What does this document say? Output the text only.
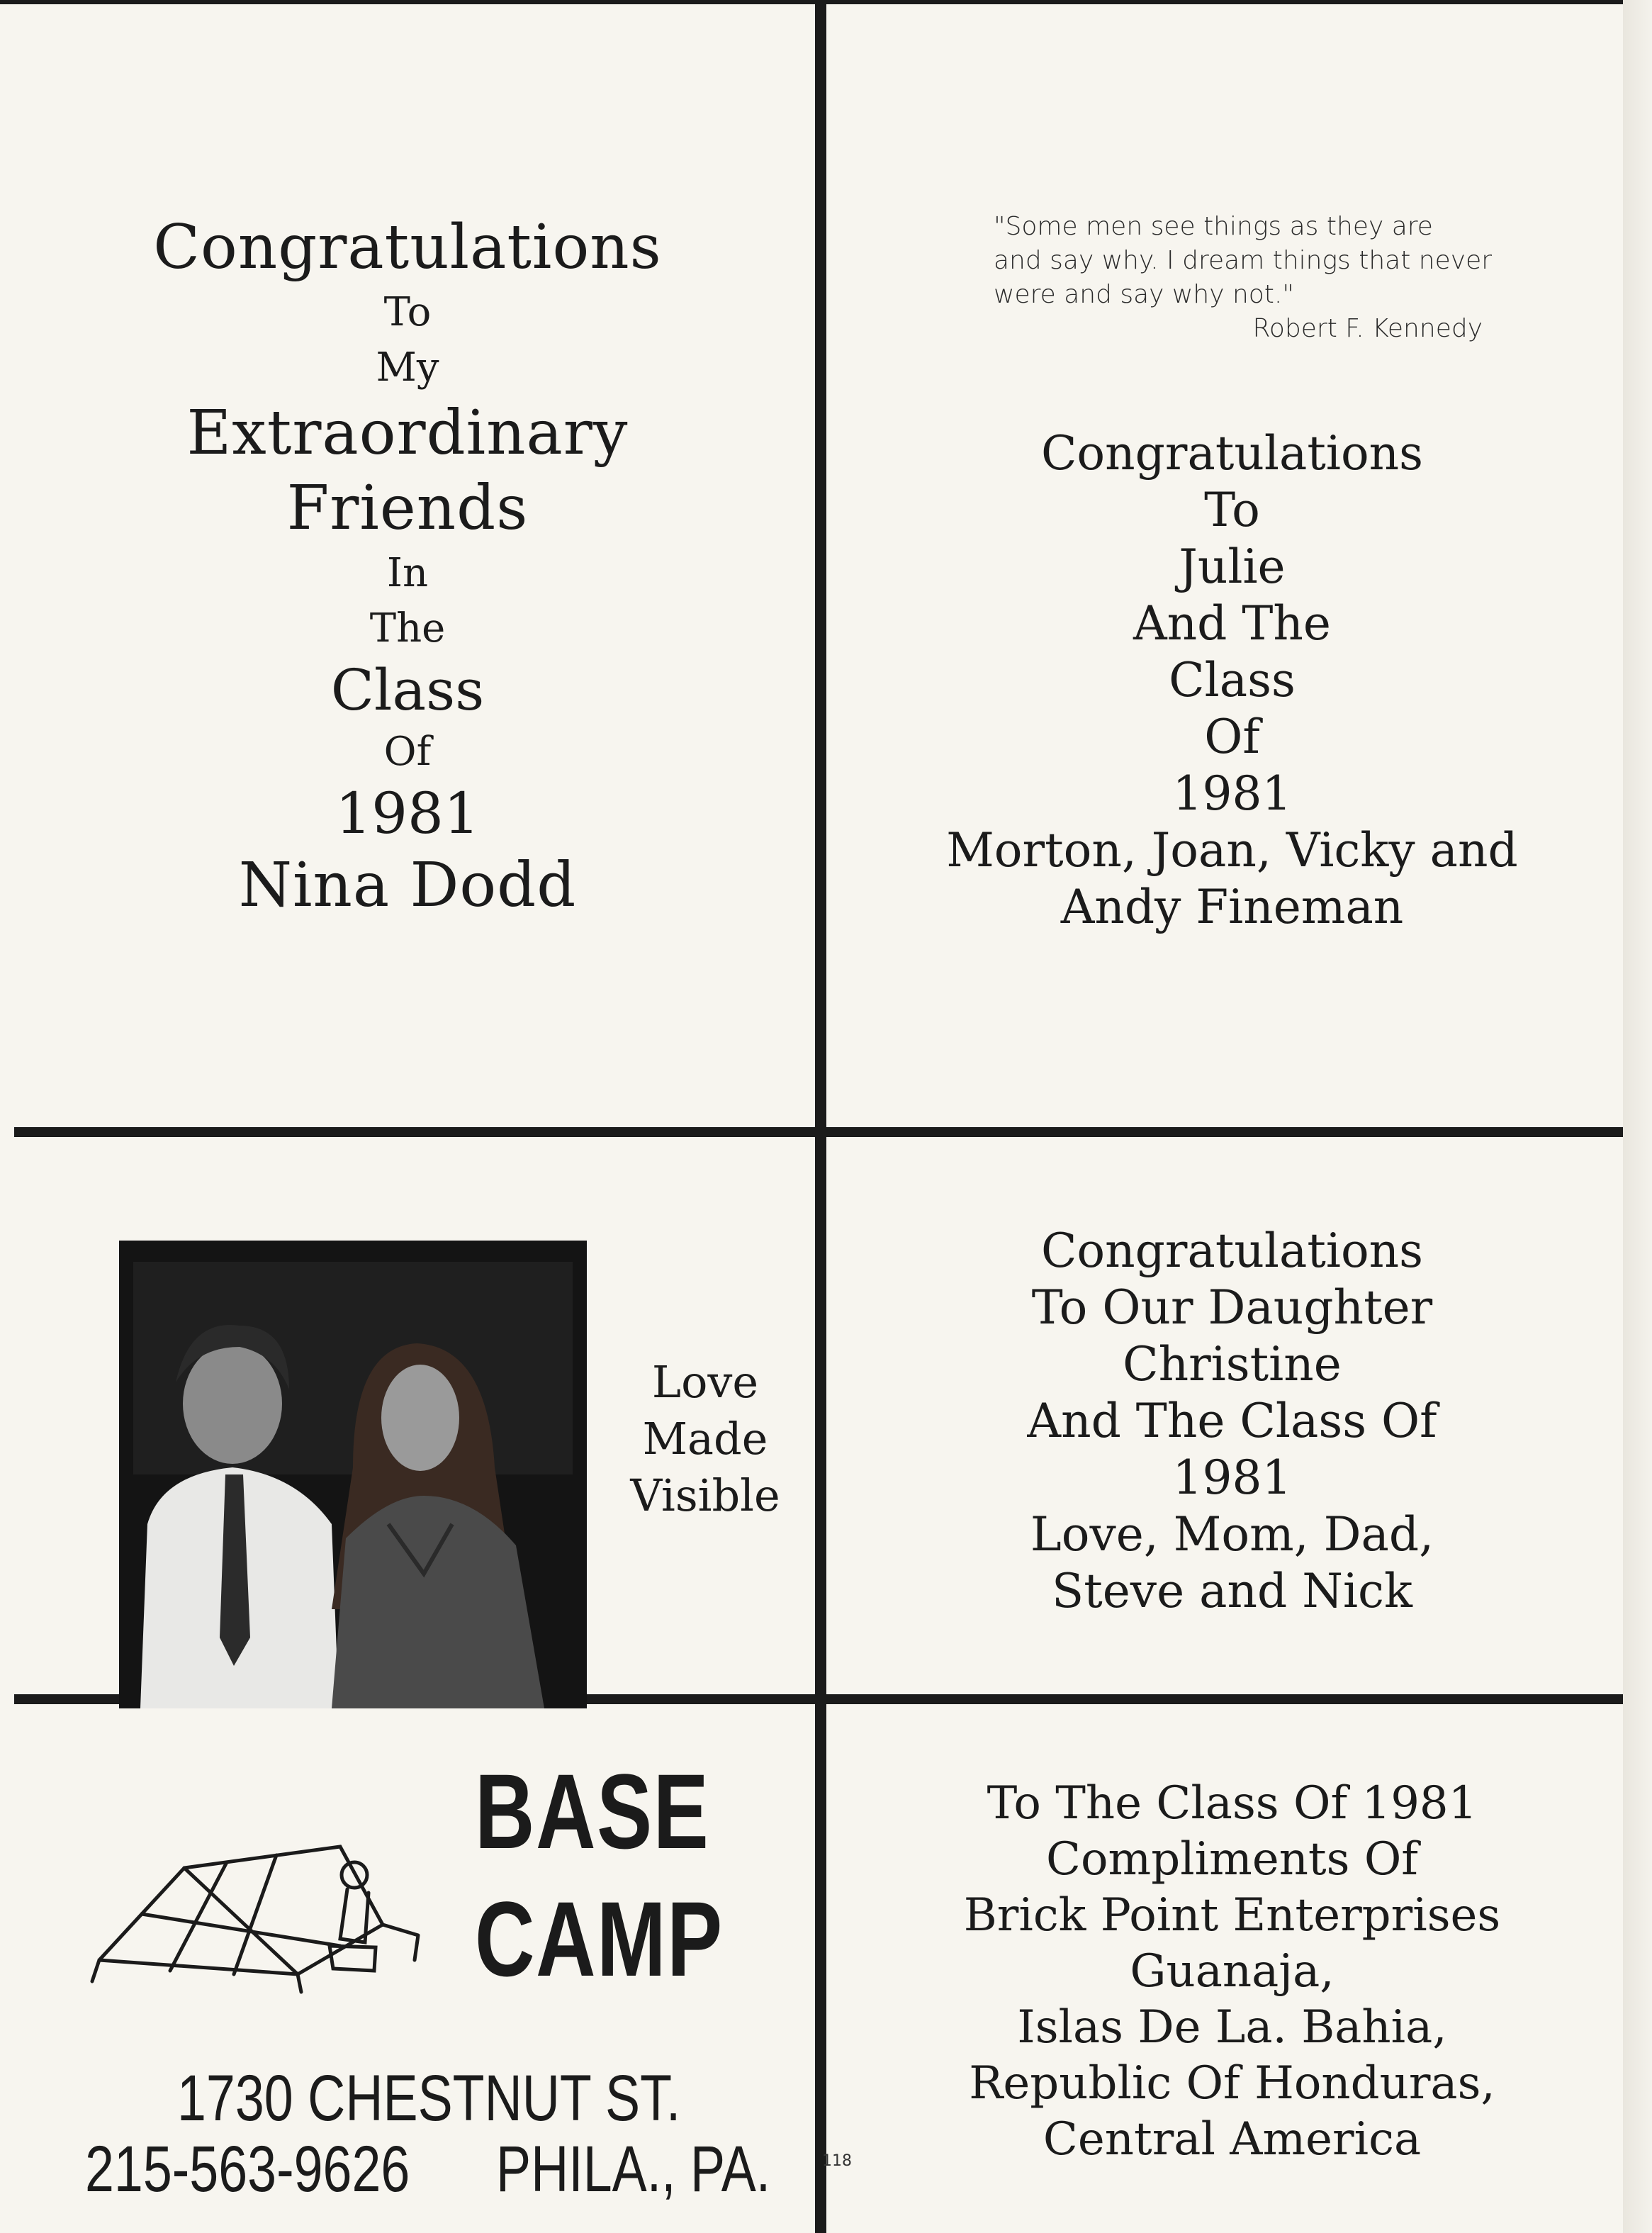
Congratulations
To
My
Extraordinary
Friends
In
The
Class
Of
1981
Nina Dodd
"Some men see things as they are
and say why. I dream things that never
were and say why not."
Robert F. Kennedy
Congratulations
To
Julie
And The
Class
Of
1981
Morton, Joan, Vicky and
Andy Fineman
Love
Made
Visible
Congratulations
To Our Daughter
Christine
And The Class Of
1981
Love, Mom, Dad,
Steve and Nick
BASE
CAMP
1730 CHESTNUT ST.
215-563-9626 PHILA., PA.	118
To The Class Of 1981
Compliments Of
Brick Point Enterprises
Guanaja,
Islas De La. Bahia,
Republic Of Honduras,
Central America
